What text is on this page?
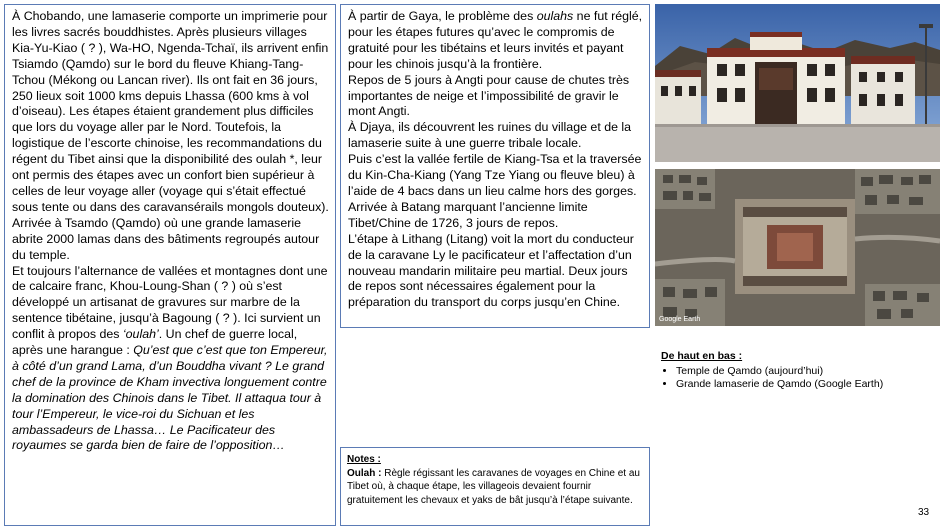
À Chobando, une lamaserie comporte un imprimerie pour les livres sacrés bouddhistes. Après plusieurs villages Kia-Yu-Kiao ( ? ), Wa-HO, Ngenda-Tchaï, ils arrivent enfin Tsiamdo (Qamdo) sur le bord du fleuve Khiang-Tang-Tchou (Mékong ou Lancan river). Ils ont fait en 36 jours, 250 lieux soit 1000 kms depuis Lhassa (600 kms à vol d’oiseau). Les étapes étaient grandement plus difficiles que lors du voyage aller par le Nord. Toutefois, la logistique de l’escorte chinoise, les recommandations du régent du Tibet ainsi que la disponibilité des oulah *, leur ont permis des étapes avec un confort bien supérieur à celles de leur voyage aller (voyage qui s’était effectué sous tente ou dans des caravansérails mongols douteux).

Arrivée à Tsamdo (Qamdo) où une grande lamaserie abrite 2000 lamas dans des bâtiments regroupés autour du temple.

Et toujours l’alternance de vallées et montagnes dont une de calcaire franc, Khou-Loung-Shan ( ? ) où s’est développé un artisanat de gravures sur marbre de la sentence tibétaine, jusqu’à Bagoung ( ? ). Ici survient un conflit à propos des ‘oulah’. Un chef de guerre local, après une harangue : Qu’est que c’est que ton Empereur, à côté d’un grand Lama, d’un Bouddha vivant ? Le grand chef de la province de Kham invectiva longuement contre la domination des Chinois dans le Tibet. Il attaqua tour à tour l’Empereur, le vice-roi du Sichuan et les ambassadeurs de Lhassa… Le Pacificateur des royaumes se garda bien de faire de l’opposition…

À partir de Gaya, le problème des oulahs ne fut réglé, pour les étapes futures qu’avec le compromis de gratuité pour les tibétains et leurs invités et payant pour les chinois jusqu’à la frontière.

Repos de 5 jours à Angti pour cause de chutes très importantes de neige et l’impossibilité de gravir le mont Angti.

À Djaya, ils découvrent les ruines du village et de la lamaserie suite à une guerre tribale locale.

Puis c’est la vallée fertile de Kiang-Tsa et la traversée du Kin-Cha-Kiang (Yang Tze Yiang ou fleuve bleu) à l’aide de 4 bacs dans un lieu calme hors des gorges.

Arrivée à Batang marquant l’ancienne limite Tibet/Chine de 1726, 3 jours de repos.

L’étape à Lithang (Litang) voit la mort du conducteur de la caravane Ly le pacificateur et l’affectation d’un nouveau mandarin militaire peu martial. Deux jours de repos sont nécessaires également pour la préparation du transport du corps jusqu’en Chine.

Notes :

Oulah : Règle régissant les caravanes de voyages en Chine et au Tibet où, à chaque étape, les villageois devaient fournir gratuitement les chevaux et yaks de bât jusqu’à l’étape suivante.

Google Earth
De haut en bas :
• Temple de Qamdo (aujourd’hui)
• Grande lamaserie de Qamdo (Google Earth)
33
